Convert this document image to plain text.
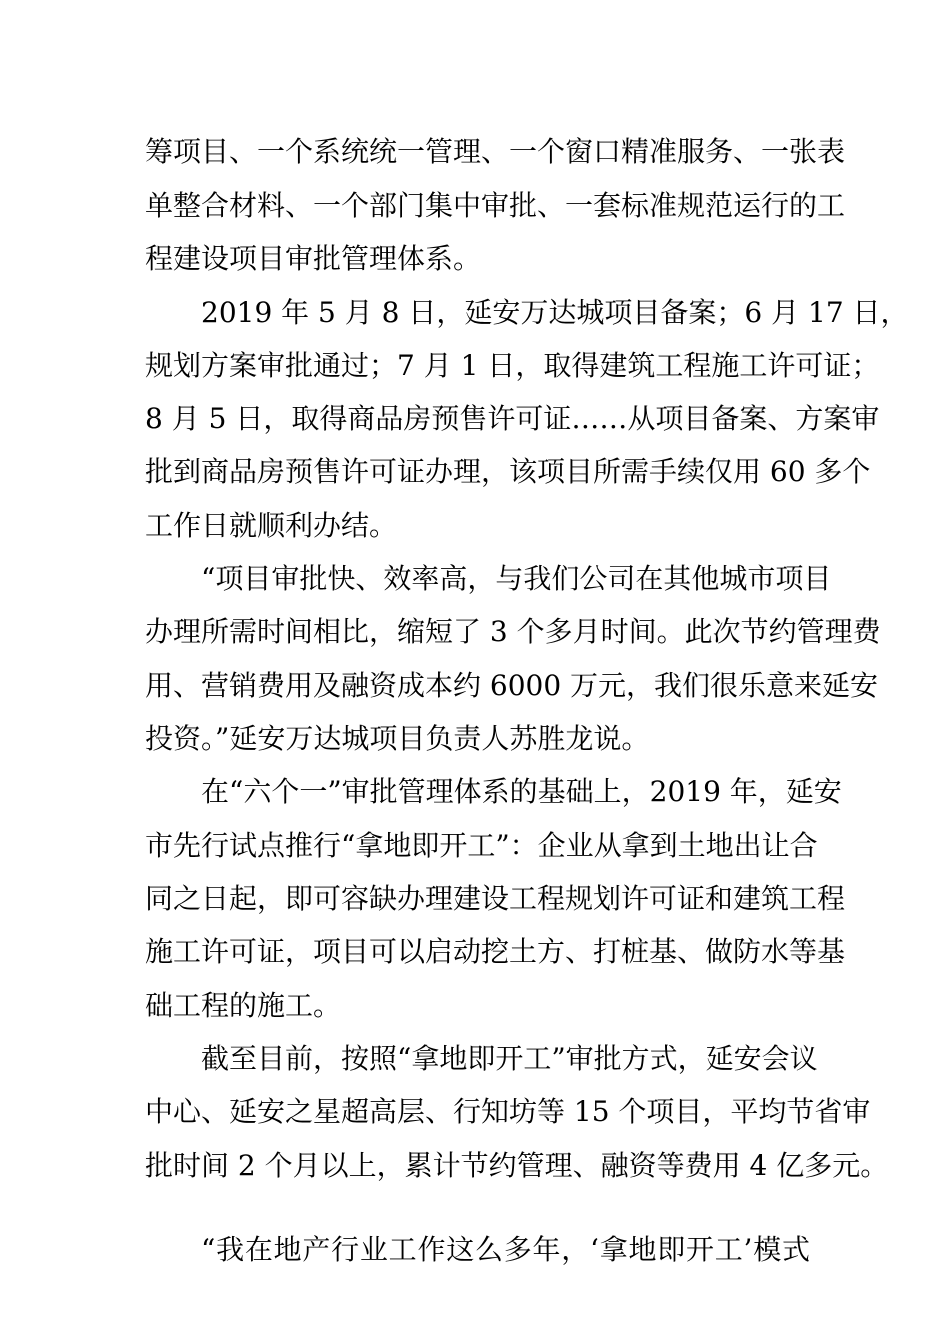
筹项目、一个系统统一管理、一个窗口精准服务、一张表
单整合材料、一个部门集中审批、一套标准规范运行的工
程建设项目审批管理体系。
2019 年 5 月 8 日，延安万达城项目备案；6 月 17 日，
规划方案审批通过；7 月 1 日，取得建筑工程施工许可证；
8 月 5 日，取得商品房预售许可证……从项目备案、方案审
批到商品房预售许可证办理，该项目所需手续仅用 60 多个
工作日就顺利办结。
“项目审批快、效率高，与我们公司在其他城市项目
办理所需时间相比，缩短了 3 个多月时间。此次节约管理费
用、营销费用及融资成本约 6000 万元，我们很乐意来延安
投资。”延安万达城项目负责人苏胜龙说。
在“六个一”审批管理体系的基础上，2019 年，延安
市先行试点推行“拿地即开工”：企业从拿到土地出让合
同之日起，即可容缺办理建设工程规划许可证和建筑工程
施工许可证，项目可以启动挖土方、打桩基、做防水等基
础工程的施工。
截至目前，按照“拿地即开工”审批方式，延安会议
中心、延安之星超高层、行知坊等 15 个项目，平均节省审
批时间 2 个月以上，累计节约管理、融资等费用 4 亿多元。
“我在地产行业工作这么多年，‘拿地即开工’模式
